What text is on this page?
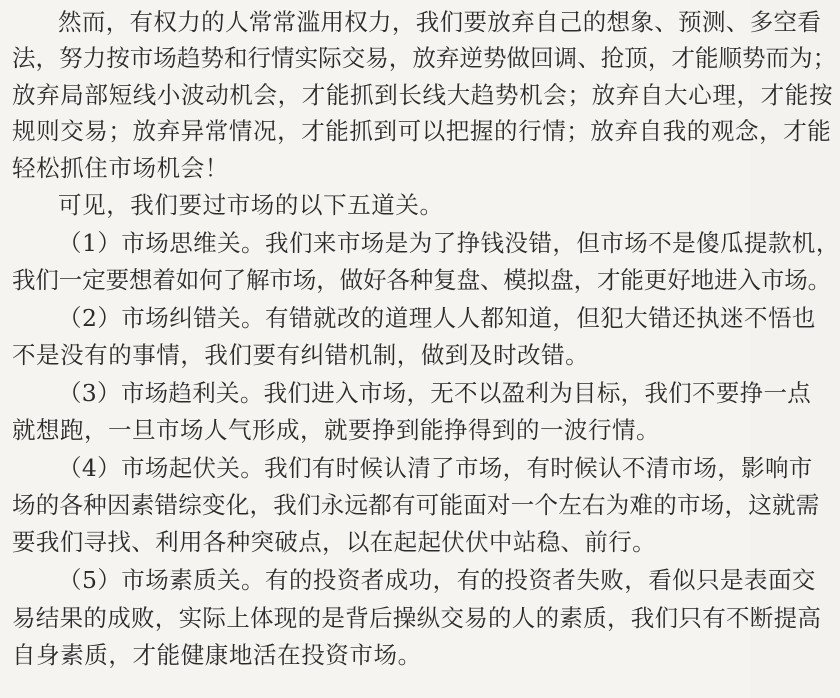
然而，有权力的人常常滥用权力，我们要放弃自己的想象、预测、多空看
法，努力按市场趋势和行情实际交易，放弃逆势做回调、抢顶，才能顺势而为；
放弃局部短线小波动机会，才能抓到长线大趋势机会；放弃自大心理，才能按
规则交易；放弃异常情况，才能抓到可以把握的行情；放弃自我的观念，才能
轻松抓住市场机会！
可见，我们要过市场的以下五道关。
（1）市场思维关。我们来市场是为了挣钱没错，但市场不是傻瓜提款机，
我们一定要想着如何了解市场，做好各种复盘、模拟盘，才能更好地进入市场。
（2）市场纠错关。有错就改的道理人人都知道，但犯大错还执迷不悟也
不是没有的事情，我们要有纠错机制，做到及时改错。
（3）市场趋利关。我们进入市场，无不以盈利为目标，我们不要挣一点
就想跑，一旦市场人气形成，就要挣到能挣得到的一波行情。
（4）市场起伏关。我们有时候认清了市场，有时候认不清市场，影响市
场的各种因素错综变化，我们永远都有可能面对一个左右为难的市场，这就需
要我们寻找、利用各种突破点，以在起起伏伏中站稳、前行。
（5）市场素质关。有的投资者成功，有的投资者失败，看似只是表面交
易结果的成败，实际上体现的是背后操纵交易的人的素质，我们只有不断提高
自身素质，才能健康地活在投资市场。
